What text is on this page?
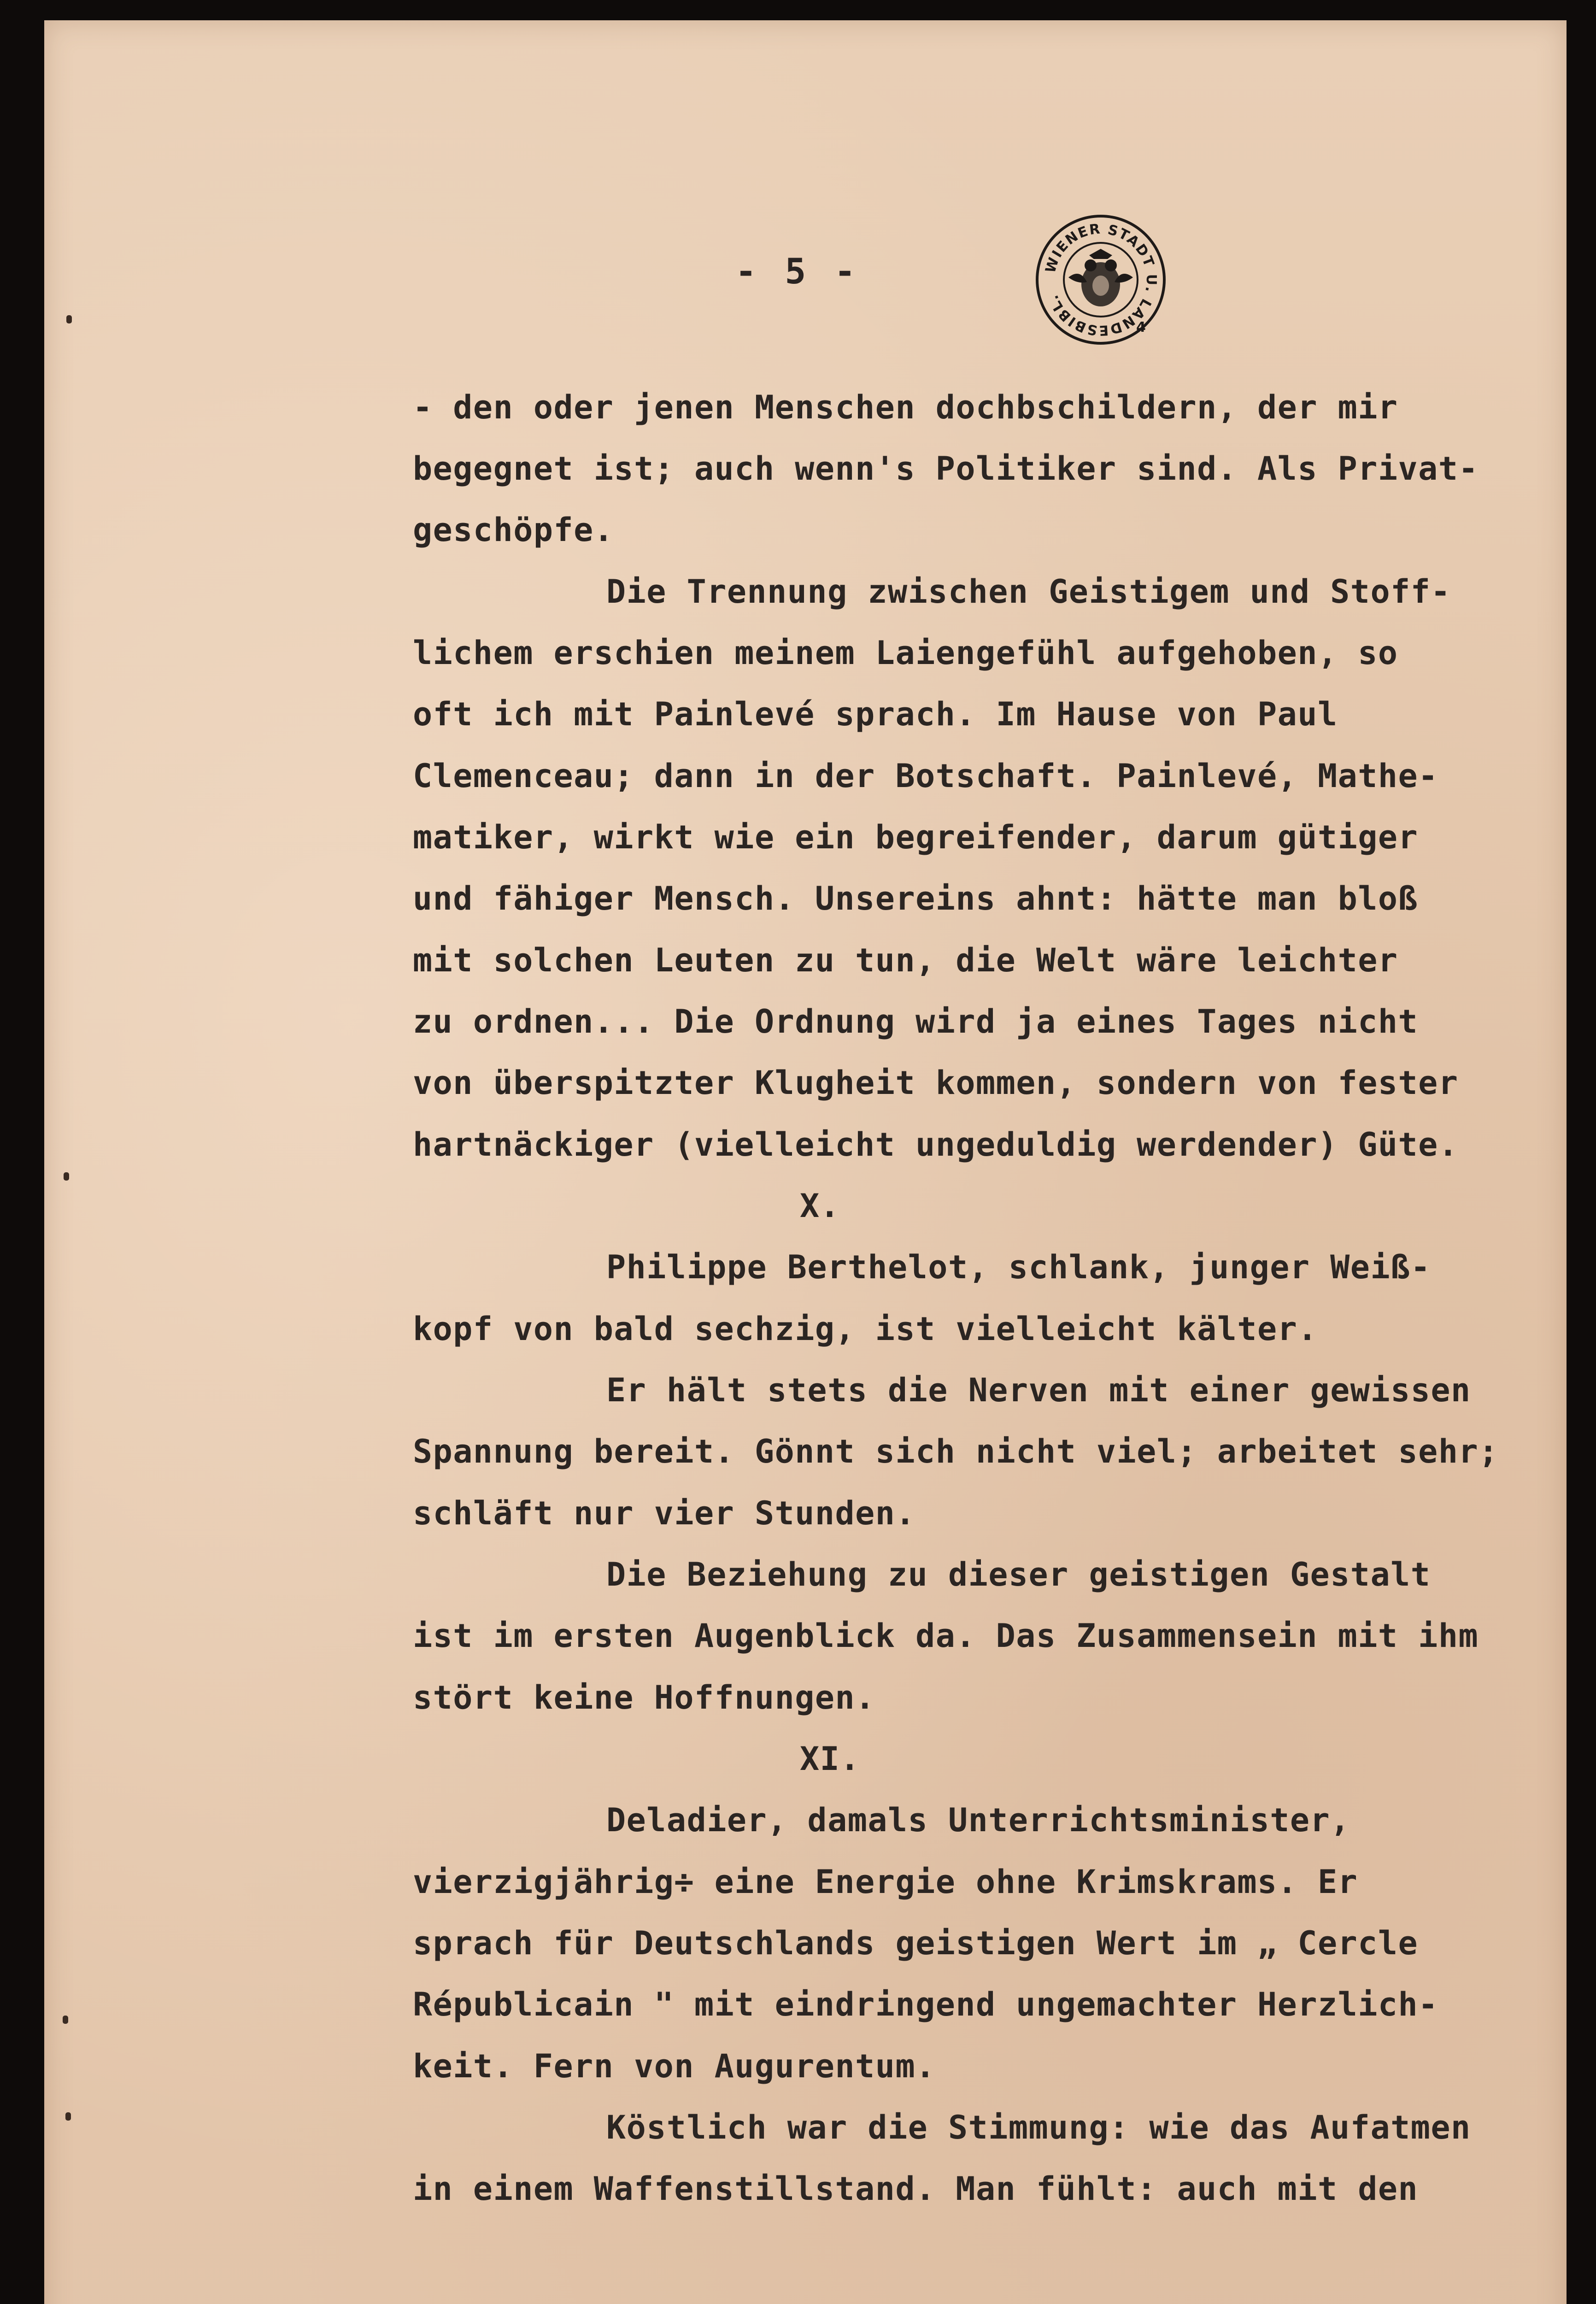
- 5 -	WIENER STADT U. LANDESBIBL.
4
- den oder jenen Menschen dochbschildern, der mir
begegnet ist; auch wenn's Politiker sind. Als Privat-
geschöpfe.
Die Trennung zwischen Geistigem und Stoff-
lichem erschien meinem Laiengefühl aufgehoben, so
oft ich mit Painlevé sprach. Im Hause von Paul
Clemenceau; dann in der Botschaft. Painlevé, Mathe-
matiker, wirkt wie ein begreifender, darum gütiger
und fähiger Mensch. Unsereins ahnt: hätte man bloß
mit solchen Leuten zu tun, die Welt wäre leichter
zu ordnen... Die Ordnung wird ja eines Tages nicht
von überspitzter Klugheit kommen, sondern von fester
hartnäckiger (vielleicht ungeduldig werdender) Güte.
X.
Philippe Berthelot, schlank, junger Weiß-
kopf von bald sechzig, ist vielleicht kälter.
Er hält stets die Nerven mit einer gewissen
Spannung bereit. Gönnt sich nicht viel; arbeitet sehr;
schläft nur vier Stunden.
Die Beziehung zu dieser geistigen Gestalt
ist im ersten Augenblick da. Das Zusammensein mit ihm
stört keine Hoffnungen.
XI.
Deladier, damals Unterrichtsminister,
vierzigjährig÷ eine Energie ohne Krimskrams. Er
sprach für Deutschlands geistigen Wert im „ Cercle
Républicain " mit eindringend ungemachter Herzlich-
keit. Fern von Augurentum.
Köstlich war die Stimmung: wie das Aufatmen
in einem Waffenstillstand. Man fühlt: auch mit den
